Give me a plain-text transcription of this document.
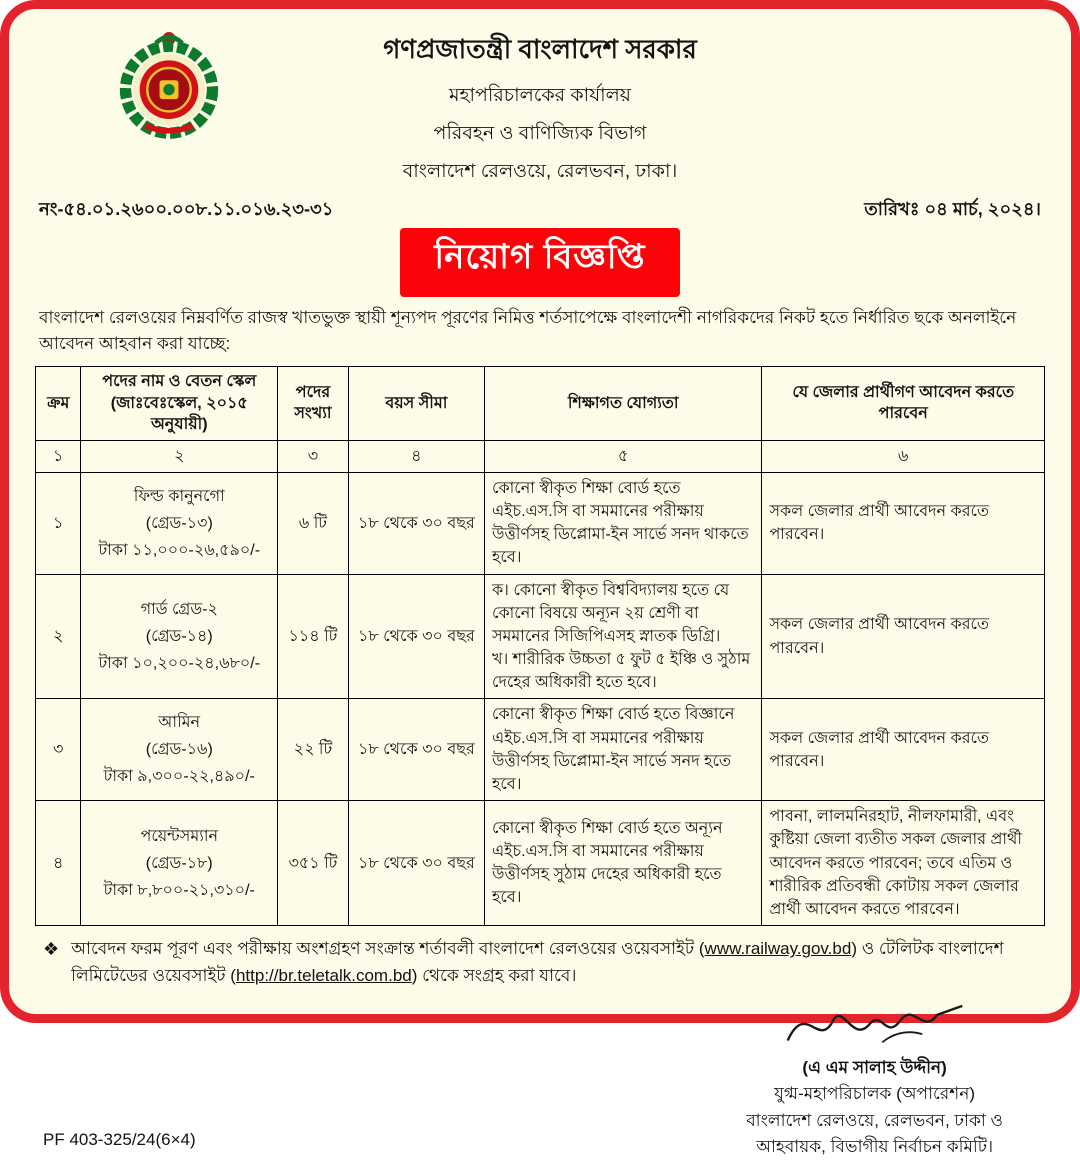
গণপ্রজাতন্ত্রী বাংলাদেশ সরকার
মহাপরিচালকের কার্যালয়
পরিবহন ও বাণিজ্যিক বিভাগ
বাংলাদেশ রেলওয়ে, রেলভবন, ঢাকা।
নং-৫৪.০১.২৬০০.০০৮.১১.০১৬.২৩-৩১	তারিখঃ ০৪ মার্চ, ২০২৪।
নিয়োগ বিজ্ঞপ্তি

বাংলাদেশ রেলওয়ের নিম্নবর্ণিত রাজস্ব খাতভুক্ত স্থায়ী শূন্যপদ পূরণের নিমিত্ত শর্তসাপেক্ষে বাংলাদেশী নাগরিকদের নিকট হতে নির্ধারিত ছকে অনলাইনে আবেদন আহবান করা যাচ্ছে:

ক্রম	পদের নাম ও বেতন স্কেল (জাঃবেঃস্কেল, ২০১৫ অনুযায়ী)	পদের সংখ্যা	বয়স সীমা	শিক্ষাগত যোগ্যতা	যে জেলার প্রার্থীগণ আবেদন করতে পারবেন
১	২	৩	৪	৫	৬
১	ফিল্ড কানুনগো
(গ্রেড-১৩)
টাকা ১১,০০০-২৬,৫৯০/-	৬ টি	১৮ থেকে ৩০ বছর	কোনো স্বীকৃত শিক্ষা বোর্ড হতে এইচ.এস.সি বা সমমানের পরীক্ষায় উত্তীর্ণসহ ডিপ্লোমা-ইন সার্ভে সনদ থাকতে হবে।	সকল জেলার প্রার্থী আবেদন করতে পারবেন।
২	গার্ড গ্রেড-২
(গ্রেড-১৪)
টাকা ১০,২০০-২৪,৬৮০/-	১১৪ টি	১৮ থেকে ৩০ বছর	ক। কোনো স্বীকৃত বিশ্ববিদ্যালয় হতে যে কোনো বিষয়ে অন্যূন ২য় শ্রেণী বা সমমানের সিজিপিএসহ স্নাতক ডিগ্রি।
খ। শারীরিক উচ্চতা ৫ ফুট ৫ ইঞ্চি ও সুঠাম দেহের অধিকারী হতে হবে।	সকল জেলার প্রার্থী আবেদন করতে পারবেন।
৩	আমিন
(গ্রেড-১৬)
টাকা ৯,৩০০-২২,৪৯০/-	২২ টি	১৮ থেকে ৩০ বছর	কোনো স্বীকৃত শিক্ষা বোর্ড হতে বিজ্ঞানে এইচ.এস.সি বা সমমানের পরীক্ষায় উত্তীর্ণসহ ডিপ্লোমা-ইন সার্ভে সনদ হতে হবে।	সকল জেলার প্রার্থী আবেদন করতে পারবেন।
৪	পয়েন্টসম্যান
(গ্রেড-১৮)
টাকা ৮,৮০০-২১,৩১০/-	৩৫১ টি	১৮ থেকে ৩০ বছর	কোনো স্বীকৃত শিক্ষা বোর্ড হতে অন্যূন এইচ.এস.সি বা সমমানের পরীক্ষায় উত্তীর্ণসহ সুঠাম দেহের অধিকারী হতে হবে।	পাবনা, লালমনিরহাট, নীলফামারী, এবং কুষ্টিয়া জেলা ব্যতীত সকল জেলার প্রার্থী আবেদন করতে পারবেন; তবে এতিম ও শারীরিক প্রতিবন্ধী কোটায় সকল জেলার প্রার্থী আবেদন করতে পারবেন।
❖ আবেদন ফরম পূরণ এবং পরীক্ষায় অংশগ্রহণ সংক্রান্ত শর্তাবলী বাংলাদেশ রেলওয়ের ওয়েবসাইট (www.railway.gov.bd) ও টেলিটক বাংলাদেশ লিমিটেডের ওয়েবসাইট (http://br.teletalk.com.bd) থেকে সংগ্রহ করা যাবে।

PF 403-325/24(6×4)
(এ এম সালাহ উদ্দীন)
যুগ্ম-মহাপরিচালক (অপারেশন)
বাংলাদেশ রেলওয়ে, রেলভবন, ঢাকা ও
আহবায়ক, বিভাগীয় নির্বাচন কমিটি।
